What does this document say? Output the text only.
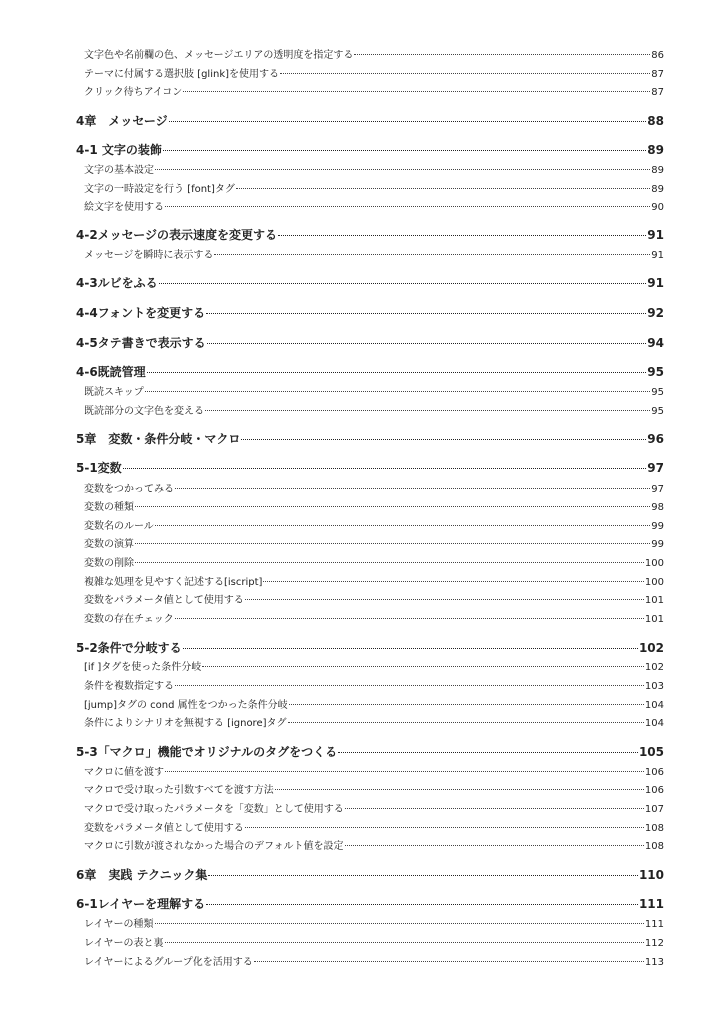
文字色や名前欄の色、メッセージエリアの透明度を指定する	86
テーマに付属する選択肢 [glink]を使用する	87
クリック待ちアイコン	87
4章　メッセージ	88
4-1 文字の装飾	89
文字の基本設定	89
文字の一時設定を行う [font]タグ	89
絵文字を使用する	90
4-2メッセージの表示速度を変更する	91
メッセージを瞬時に表示する	91
4-3ルビをふる	91
4-4フォントを変更する	92
4-5タテ書きで表示する	94
4-6既読管理	95
既読スキップ	95
既読部分の文字色を変える	95
5章　変数・条件分岐・マクロ	96
5-1変数	97
変数をつかってみる	97
変数の種類	98
変数名のルール	99
変数の演算	99
変数の削除	100
複雑な処理を見やすく記述する[iscript]	100
変数をパラメータ値として使用する	101
変数の存在チェック	101
5-2条件で分岐する	102
[if ]タグを使った条件分岐	102
条件を複数指定する	103
[jump]タグの cond 属性をつかった条件分岐	104
条件によりシナリオを無視する [ignore]タグ	104
5-3「マクロ」機能でオリジナルのタグをつくる	105
マクロに値を渡す	106
マクロで受け取った引数すべてを渡す方法	106
マクロで受け取ったパラメータを「変数」として使用する	107
変数をパラメータ値として使用する	108
マクロに引数が渡されなかった場合のデフォルト値を設定	108
6章　実践 テクニック集	110
6-1レイヤーを理解する	111
レイヤーの種類	111
レイヤーの表と裏	112
レイヤーによるグループ化を活用する	113
